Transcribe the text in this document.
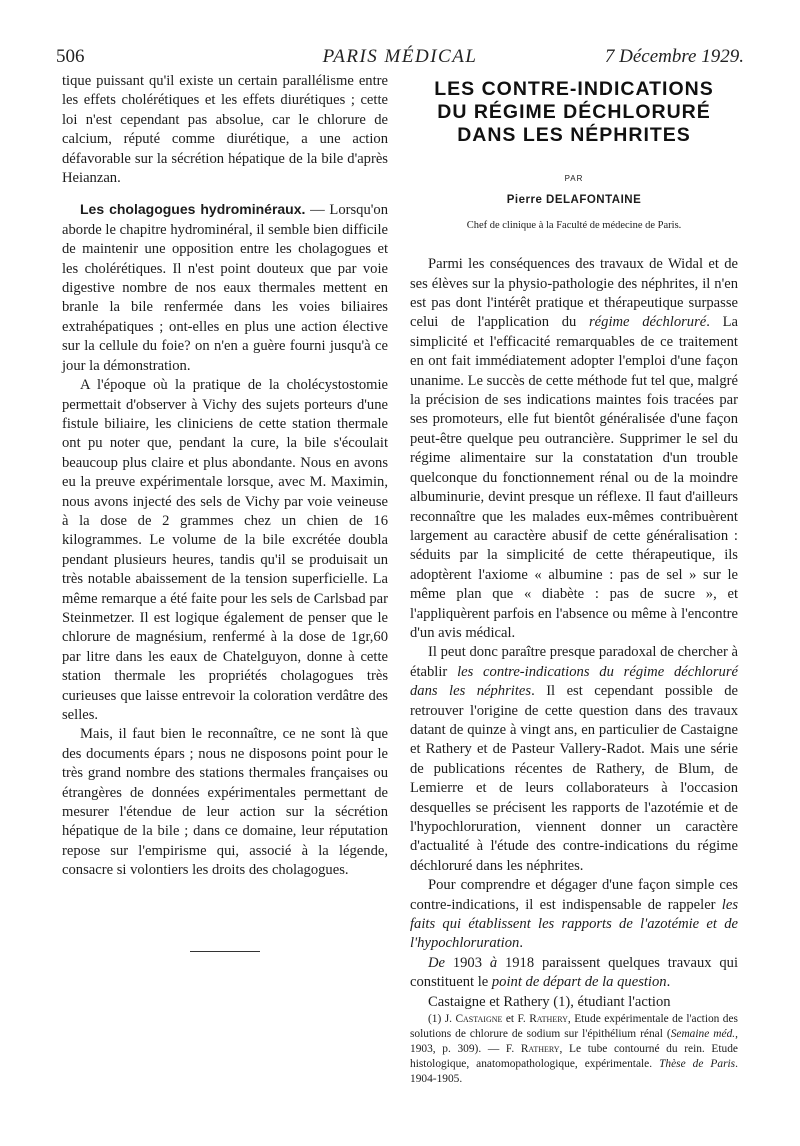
506	PARIS MÉDICAL	7 Décembre 1929.

tique puissant qu'il existe un certain parallélisme entre les effets cholérétiques et les effets diurétiques ; cette loi n'est cependant pas absolue, car le chlorure de calcium, réputé comme diurétique, a une action défavorable sur la sécrétion hépatique de la bile d'après Heianzan.

Les cholagogues hydrominéraux. — Lorsqu'on aborde le chapitre hydrominéral, il semble bien difficile de maintenir une opposition entre les cholagogues et les cholérétiques. Il n'est point douteux que par voie digestive nombre de nos eaux thermales mettent en branle la bile renfermée dans les voies biliaires extrahépatiques ; ont-elles en plus une action élective sur la cellule du foie? on n'en a guère fourni jusqu'à ce jour la démonstration.

A l'époque où la pratique de la cholécystostomie permettait d'observer à Vichy des sujets porteurs d'une fistule biliaire, les cliniciens de cette station thermale ont pu noter que, pendant la cure, la bile s'écoulait beaucoup plus claire et plus abondante. Nous en avons eu la preuve expérimentale lorsque, avec M. Maximin, nous avons injecté des sels de Vichy par voie veineuse à la dose de 2 grammes chez un chien de 16 kilogrammes. Le volume de la bile excrétée doubla pendant plusieurs heures, tandis qu'il se produisait un très notable abaissement de la tension superficielle. La même remarque a été faite pour les sels de Carlsbad par Steinmetzer. Il est logique également de penser que le chlorure de magnésium, renfermé à la dose de 1gr,60 par litre dans les eaux de Chatelguyon, donne à cette station thermale les propriétés cholagogues très curieuses que laisse entrevoir la coloration verdâtre des selles.

Mais, il faut bien le reconnaître, ce ne sont là que des documents épars ; nous ne disposons point pour le très grand nombre des stations thermales françaises ou étrangères de données expérimentales permettant de mesurer l'étendue de leur action sur la sécrétion hépatique de la bile ; dans ce domaine, leur réputation repose sur l'empirisme qui, associé à la légende, consacre si volontiers les droits des cholagogues.

LES CONTRE-INDICATIONS
DU RÉGIME DÉCHLORURÉ
DANS LES NÉPHRITES
PAR
Pierre DELAFONTAINE
Chef de clinique à la Faculté de médecine de Paris.

Parmi les conséquences des travaux de Widal et de ses élèves sur la physio-pathologie des néphrites, il n'en est pas dont l'intérêt pratique et thérapeutique surpasse celui de l'application du régime déchloruré. La simplicité et l'efficacité remarquables de ce traitement en ont fait immédiatement adopter l'emploi d'une façon unanime. Le succès de cette méthode fut tel que, malgré la précision de ses indications maintes fois tracées par ses promoteurs, elle fut bientôt généralisée d'une façon peut-être quelque peu outrancière. Supprimer le sel du régime alimentaire sur la constatation d'un trouble quelconque du fonctionnement rénal ou de la moindre albuminurie, devint presque un réflexe. Il faut d'ailleurs reconnaître que les malades eux-mêmes contribuèrent largement au caractère abusif de cette généralisation : séduits par la simplicité de cette thérapeutique, ils adoptèrent l'axiome « albumine : pas de sel » sur le même plan que « diabète : pas de sucre », et l'appliquèrent parfois en l'absence ou même à l'encontre d'un avis médical.

Il peut donc paraître presque paradoxal de chercher à établir les contre-indications du régime déchloruré dans les néphrites. Il est cependant possible de retrouver l'origine de cette question dans des travaux datant de quinze à vingt ans, en particulier de Castaigne et Rathery et de Pasteur Vallery-Radot. Mais une série de publications récentes de Rathery, de Blum, de Lemierre et de leurs collaborateurs à l'occasion desquelles se précisent les rapports de l'azotémie et de l'hypochloruration, viennent donner un caractère d'actualité à l'étude des contre-indications du régime déchloruré dans les néphrites.

Pour comprendre et dégager d'une façon simple ces contre-indications, il est indispensable de rappeler les faits qui établissent les rapports de l'azotémie et de l'hypochloruration.

De 1903 à 1918 paraissent quelques travaux qui constituent le point de départ de la question.

Castaigne et Rathery (1), étudiant l'action

(1) J. Castaigne et F. Rathery, Etude expérimentale de l'action des solutions de chlorure de sodium sur l'épithélium rénal (Semaine méd., 1903, p. 309). — F. Rathery, Le tube contourné du rein. Etude histologique, anatomopathologique, expérimentale. Thèse de Paris. 1904-1905.
